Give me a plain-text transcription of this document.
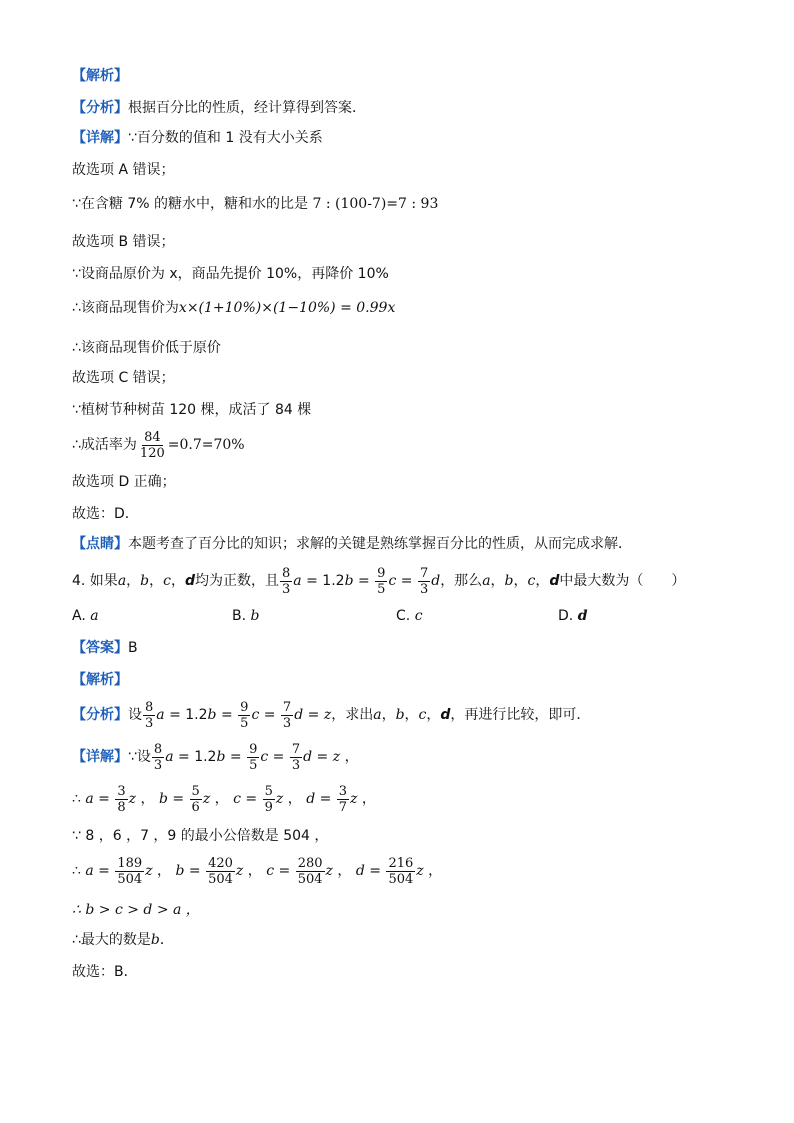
【解析】
【分析】根据百分比的性质，经计算得到答案．
【详解】∵百分数的值和 1 没有大小关系
故选项 A 错误；
∵在含糖 7% 的糖水中，糖和水的比是 7 : (100-7)=7 : 93
故选项 B 错误；
∵设商品原价为 x，商品先提价 10%，再降价 10%
∴该商品现售价为x×(1+10%)×(1−10%) = 0.99x
∴该商品现售价低于原价
故选项 C 错误；
∵植树节种树苗 120 棵，成活了 84 棵
∴成活率为 $\frac{84}{120} =0.7=70\%$
故选项 D 正确；
故选：D．
【点睛】本题考查了百分比的知识；求解的关键是熟练掌握百分比的性质，从而完成求解．
4. 如果a，b，c，d均为正数，且 $\frac{8}{3}$ $a = 1.2b = \frac{9}{5}$ $c = \frac{7}{3}$ d，那么a，b，c，d中最大数为（　　）
A. a	B. b	C. c	D. d
【答案】B
【解析】
【分析】设 $\frac{8}{3}$ $a = 1.2b = \frac{9}{5}$ $c = \frac{7}{3}$ d = z，求出a，b，c，d，再进行比较，即可．
【详解】∵设 $\frac{8}{3}$ $a = 1.2b = \frac{9}{5}$ $c = \frac{7}{3}$ d = z ，
∴ $a = \frac{3}{8}$ z ， $b = \frac{5}{6}$ z ， $c = \frac{5}{9}$ z ， $d = \frac{3}{7}$ z ，
∵ 8 ，6 ，7 ，9 的最小公倍数是 504 ，
∴ $a = \frac{189}{504}$ z ， $b = \frac{420}{504}$ z ， $c = \frac{280}{504}$ z ， $d = \frac{216}{504}$ z ，
∴ b > c > d > a ，
∴最大的数是b．
故选：B．
